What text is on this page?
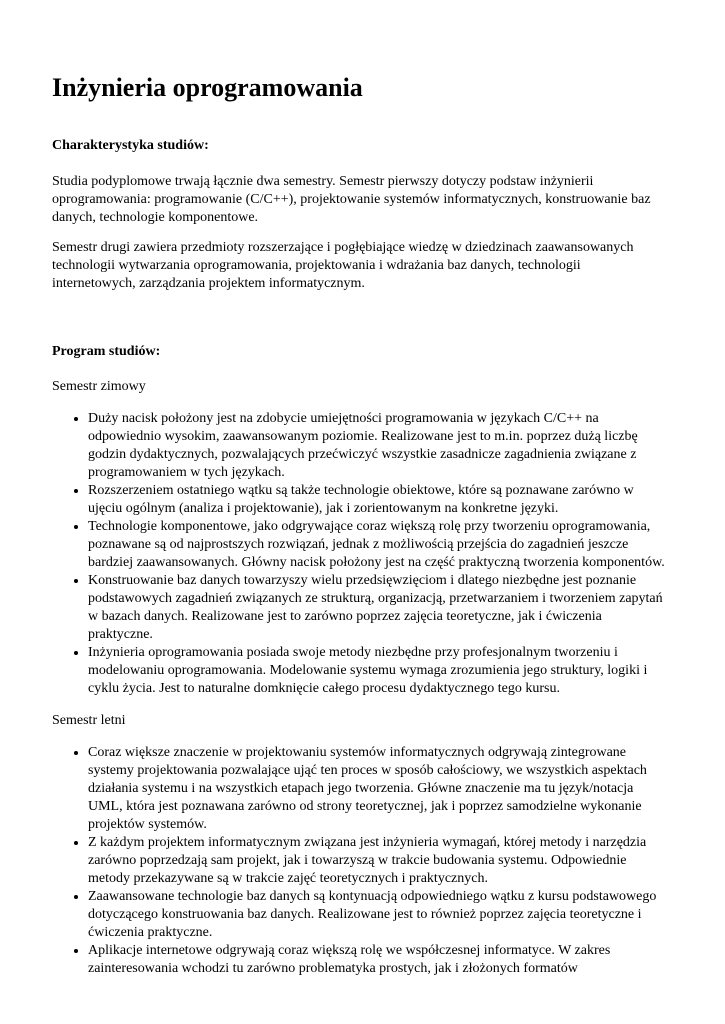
Inżynieria oprogramowania
Charakterystyka studiów:

Studia podyplomowe trwają łącznie dwa semestry. Semestr pierwszy dotyczy podstaw inżynierii oprogramowania: programowanie (C/C++), projektowanie systemów informatycznych, konstruowanie baz danych, technologie komponentowe.

Semestr drugi zawiera przedmioty rozszerzające i pogłębiające wiedzę w dziedzinach zaawansowanych technologii wytwarzania oprogramowania, projektowania i wdrażania baz danych, technologii internetowych, zarządzania projektem informatycznym.

Program studiów:
Semestr zimowy
• Duży nacisk położony jest na zdobycie umiejętności programowania w językach C/C++ na odpowiednio wysokim, zaawansowanym poziomie. Realizowane jest to m.in. poprzez dużą liczbę godzin dydaktycznych, pozwalających przećwiczyć wszystkie zasadnicze zagadnienia związane z programowaniem w tych językach.
• Rozszerzeniem ostatniego wątku są także technologie obiektowe, które są poznawane zarówno w ujęciu ogólnym (analiza i projektowanie), jak i zorientowanym na konkretne języki.
• Technologie komponentowe, jako odgrywające coraz większą rolę przy tworzeniu oprogramowania, poznawane są od najprostszych rozwiązań, jednak z możliwością przejścia do zagadnień jeszcze bardziej zaawansowanych. Główny nacisk położony jest na część praktyczną tworzenia komponentów.
• Konstruowanie baz danych towarzyszy wielu przedsięwzięciom i dlatego niezbędne jest poznanie podstawowych zagadnień związanych ze strukturą, organizacją, przetwarzaniem i tworzeniem zapytań w bazach danych. Realizowane jest to zarówno poprzez zajęcia teoretyczne, jak i ćwiczenia praktyczne.
• Inżynieria oprogramowania posiada swoje metody niezbędne przy profesjonalnym tworzeniu i modelowaniu oprogramowania. Modelowanie systemu wymaga zrozumienia jego struktury, logiki i cyklu życia. Jest to naturalne domknięcie całego procesu dydaktycznego tego kursu.
Semestr letni
• Coraz większe znaczenie w projektowaniu systemów informatycznych odgrywają zintegrowane systemy projektowania pozwalające ująć ten proces w sposób całościowy, we wszystkich aspektach działania systemu i na wszystkich etapach jego tworzenia. Główne znaczenie ma tu język/notacja UML, która jest poznawana zarówno od strony teoretycznej, jak i poprzez samodzielne wykonanie projektów systemów.
• Z każdym projektem informatycznym związana jest inżynieria wymagań, której metody i narzędzia zarówno poprzedzają sam projekt, jak i towarzyszą w trakcie budowania systemu. Odpowiednie metody przekazywane są w trakcie zajęć teoretycznych i praktycznych.
• Zaawansowane technologie baz danych są kontynuacją odpowiedniego wątku z kursu podstawowego dotyczącego konstruowania baz danych. Realizowane jest to również poprzez zajęcia teoretyczne i ćwiczenia praktyczne.
• Aplikacje internetowe odgrywają coraz większą rolę we współczesnej informatyce. W zakres zainteresowania wchodzi tu zarówno problematyka prostych, jak i złożonych formatów
